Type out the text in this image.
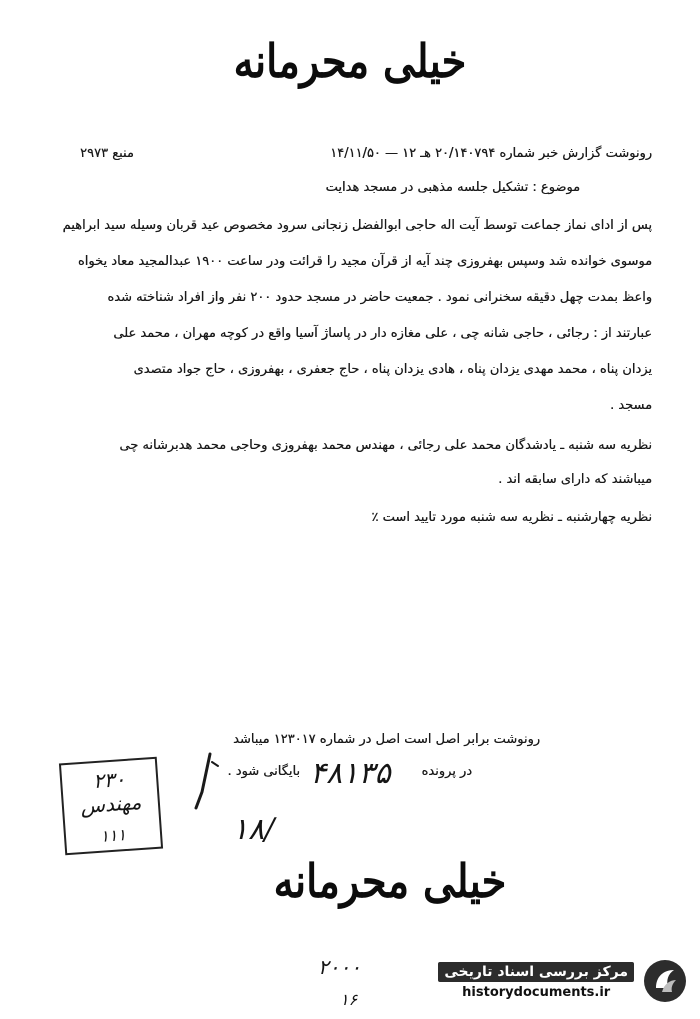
خیلی محرمانه
رونوشت گزارش خبر شماره ۲۰/۱۴۰۷۹۴ هـ ۱۲ — ۱۴/۱۱/۵۰
منبع ۲۹۷۳
موضوع : تشکیل جلسه مذهبی در مسجد هدایت
پس از ادای نماز جماعت توسط آیت اله حاجی ابوالفضل زنجانی سرود مخصوص عید قربان وسیله سید ابراهیم
موسوی خوانده شد وسپس بهفروزی چند آیه از قرآن مجید را قرائت ودر ساعت ۱۹۰۰ عبدالمجید معاد یخواه
واعظ بمدت چهل دقیقه سخنرانی نمود . جمعیت حاضر در مسجد حدود ۲۰۰ نفر واز افراد شناخته شده
عبارتند از : رجائی ، حاجی شانه چی ، علی مغازه دار در پاساژ آسیا واقع در کوچه مهران ، محمد علی
یزدان پناه ، محمد مهدی یزدان پناه ، هادی یزدان پناه ، حاج جعفری ، بهفروزی ، حاج جواد متصدی
مسجد .
نظریه سه شنبه ـ یادشدگان محمد علی رجائی ، مهندس محمد بهفروزی وحاجی محمد هدبرشانه چی
میباشند که دارای سابقه اند .
نظریه چهارشنبه ـ نظریه سه شنبه مورد تایید است ٪
رونوشت برابر اصل است اصل در شماره ۱۲۳۰۱۷ میباشد
در پرونده
۴۸۱۳۵
بایگانی شود .
۲۳۰ مهندس
۱۱۱	۱۸/
خیلی محرمانه
۲۰۰۰
۱۶
مرکز بررسی اسناد تاریخی
historydocuments.ir
